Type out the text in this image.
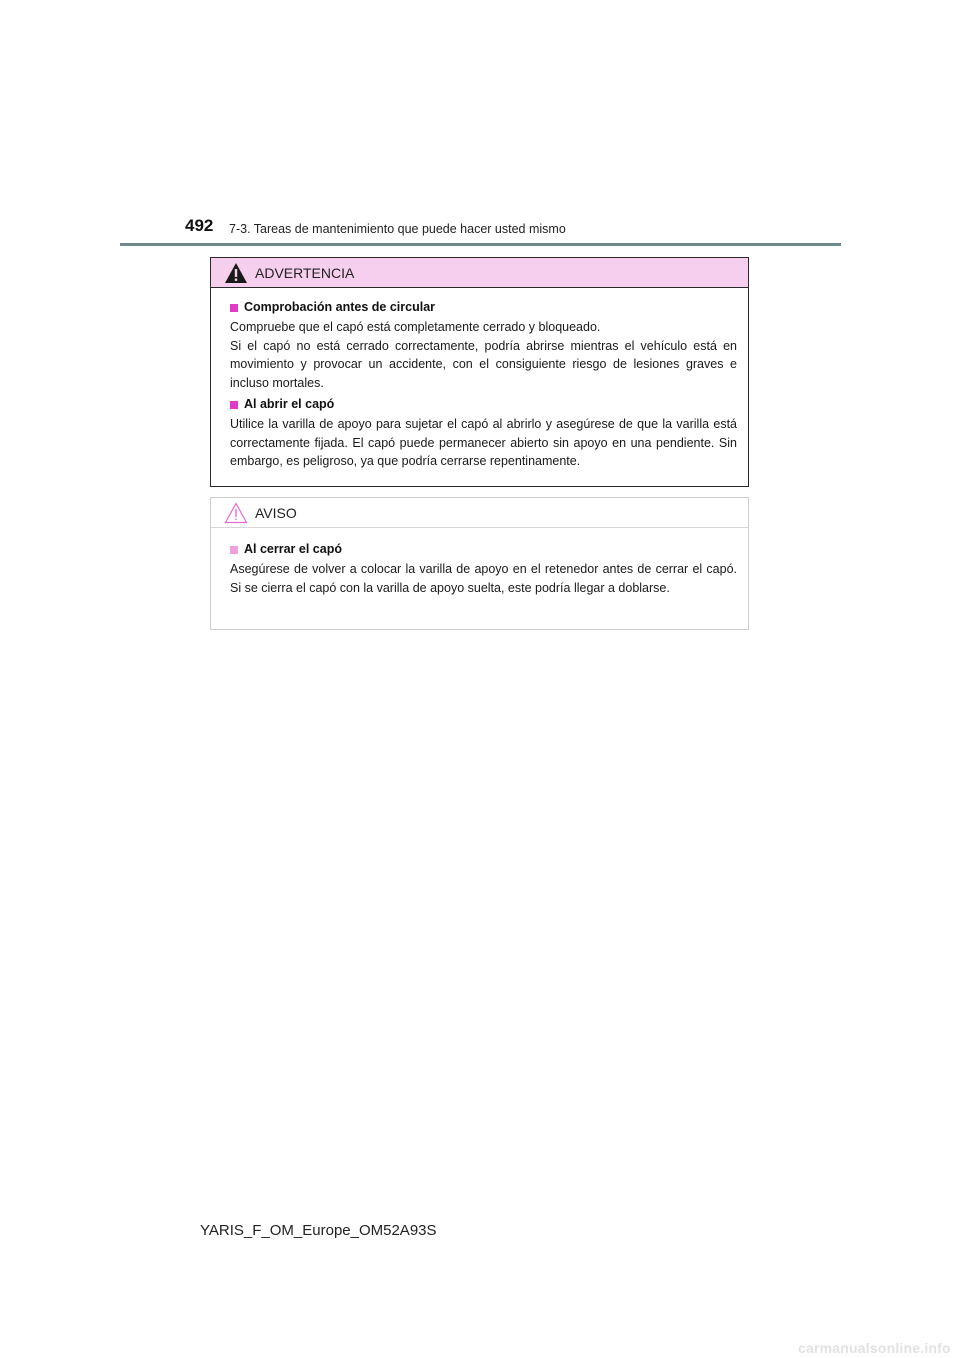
492 7-3. Tareas de mantenimiento que puede hacer usted mismo
ADVERTENCIA
Comprobación antes de circular

Compruebe que el capó está completamente cerrado y bloqueado.

Si el capó no está cerrado correctamente, podría abrirse mientras el vehículo está en movimiento y provocar un accidente, con el consiguiente riesgo de lesiones graves e incluso mortales.

Al abrir el capó

Utilice la varilla de apoyo para sujetar el capó al abrirlo y asegúrese de que la varilla está correctamente fijada. El capó puede permanecer abierto sin apoyo en una pendiente. Sin embargo, es peligroso, ya que podría cerrarse repentinamente.

AVISO
Al cerrar el capó

Asegúrese de volver a colocar la varilla de apoyo en el retenedor antes de cerrar el capó. Si se cierra el capó con la varilla de apoyo suelta, este podría llegar a doblarse.

YARIS_F_OM_Europe_OM52A93S
carmanualsonline.info
